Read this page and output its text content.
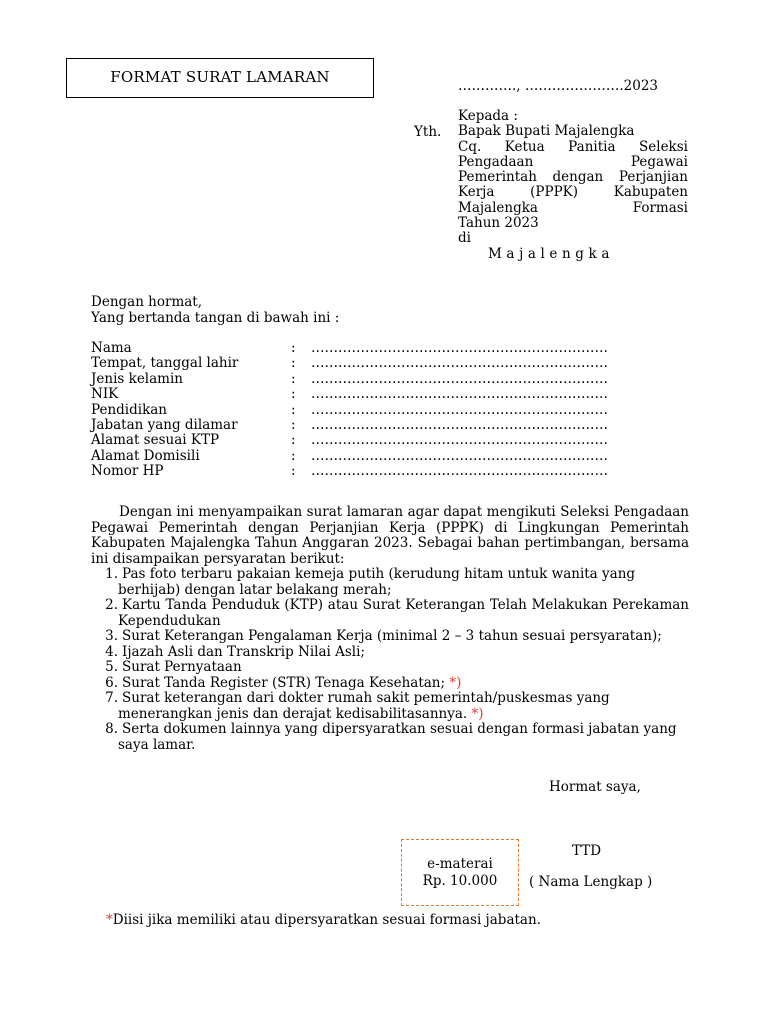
FORMAT SURAT LAMARAN	…………., ………………….2023
Yth.
Kepada :
Bapak Bupati Majalengka
Cq. Ketua Panitia Seleksi
Pengadaan Pegawai
Pemerintah dengan Perjanjian
Kerja (PPPK) Kabupaten
Majalengka Formasi
Tahun 2023
di
Majalengka
Dengan hormat,
Yang bertanda tangan di bawah ini :
Nama	:	…………………………………………………………
Tempat, tanggal lahir	:	…………………………………………………………
Jenis kelamin	:	…………………………………………………………
NIK	:	…………………………………………………………
Pendidikan	:	…………………………………………………………
Jabatan yang dilamar	:	…………………………………………………………
Alamat sesuai KTP	:	…………………………………………………………
Alamat Domisili	:	…………………………………………………………
Nomor HP	:	…………………………………………………………
Dengan ini menyampaikan surat lamaran agar dapat mengikuti Seleksi Pengadaan Pegawai Pemerintah dengan Perjanjian Kerja (PPPK) di Lingkungan Pemerintah Kabupaten Majalengka Tahun Anggaran 2023. Sebagai bahan pertimbangan, bersama ini disampaikan persyaratan berikut:
1. Pas foto terbaru pakaian kemeja putih (kerudung hitam untuk wanita yang berhijab) dengan latar belakang merah;
2. Kartu Tanda Penduduk (KTP) atau Surat Keterangan Telah Melakukan Perekaman Kependudukan
3. Surat Keterangan Pengalaman Kerja (minimal 2 – 3 tahun sesuai persyaratan);
4. Ijazah Asli dan Transkrip Nilai Asli;
5. Surat Pernyataan
6. Surat Tanda Register (STR) Tenaga Kesehatan; *)
7. Surat keterangan dari dokter rumah sakit pemerintah/puskesmas yang menerangkan jenis dan derajat kedisabilitasannya. *)
8. Serta dokumen lainnya yang dipersyaratkan sesuai dengan formasi jabatan yang saya lamar.
Hormat saya,
e-materai
Rp. 10.000
TTD
( Nama Lengkap )
*Diisi jika memiliki atau dipersyaratkan sesuai formasi jabatan.
